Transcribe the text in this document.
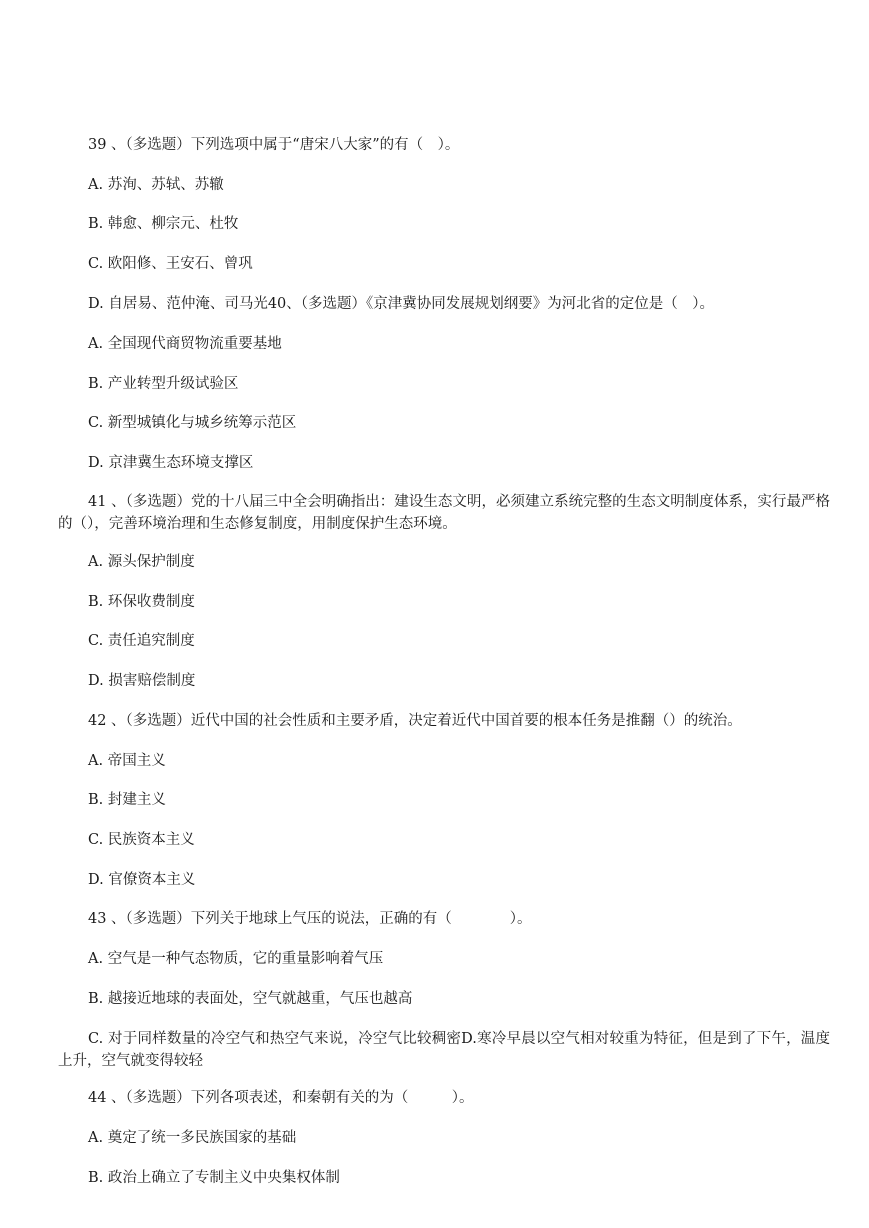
39 、（多选题）下列选项中属于“唐宋八大家”的有（　）。
A. 苏洵、苏轼、苏辙
B. 韩愈、柳宗元、杜牧
C. 欧阳修、王安石、曾巩
D. 自居易、范仲淹、司马光40、（多选题）《京津冀协同发展规划纲要》为河北省的定位是（　）。
A. 全国现代商贸物流重要基地
B. 产业转型升级试验区
C. 新型城镇化与城乡统筹示范区
D. 京津冀生态环境支撑区
41 、（多选题）党的十八届三中全会明确指出：建设生态文明，必须建立系统完整的生态文明制度体系，实行最严格的（），完善环境治理和生态修复制度，用制度保护生态环境。
A. 源头保护制度
B. 环保收费制度
C. 责任追究制度
D. 损害赔偿制度
42 、（多选题）近代中国的社会性质和主要矛盾，决定着近代中国首要的根本任务是推翻（）的统治。
A. 帝国主义
B. 封建主义
C. 民族资本主义
D. 官僚资本主义
43 、（多选题）下列关于地球上气压的说法，正确的有（　　　　）。
A. 空气是一种气态物质，它的重量影响着气压
B. 越接近地球的表面处，空气就越重，气压也越高
C. 对于同样数量的冷空气和热空气来说，冷空气比较稠密D.寒冷早晨以空气相对较重为特征，但是到了下午，温度上升，空气就变得较轻
44 、（多选题）下列各项表述，和秦朝有关的为（　　　）。
A. 奠定了统一多民族国家的基础
B. 政治上确立了专制主义中央集权体制
